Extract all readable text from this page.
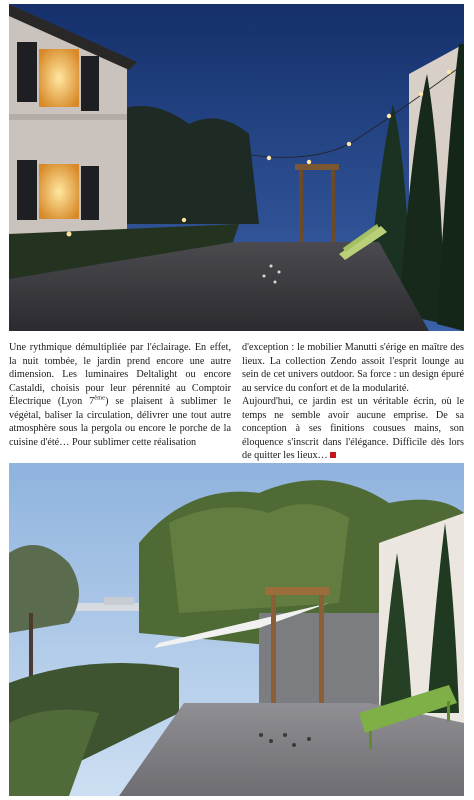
Une rythmique démultipliée par l'éclairage. En effet, la nuit tombée, le jardin prend encore une autre dimension. Les luminaires Deltalight ou encore Castaldi, choisis pour leur pérennité au Comptoir Électrique (Lyon 7ème) se plaisent à sublimer le végétal, baliser la circulation, délivrer une tout autre atmosphère sous la pergola ou encore le porche de la cuisine d'été… Pour sublimer cette réalisation

d'exception : le mobilier Manutti s'érige en maître des lieux. La collection Zendo assoit l'esprit lounge au sein de cet univers outdoor. Sa force : un design épuré au service du confort et de la modularité.

Aujourd'hui, ce jardin est un véritable écrin, où le temps ne semble avoir aucune emprise. De sa conception à ses finitions cousues mains, son éloquence s'inscrit dans l'élégance. Difficile dès lors de quitter les lieux…
